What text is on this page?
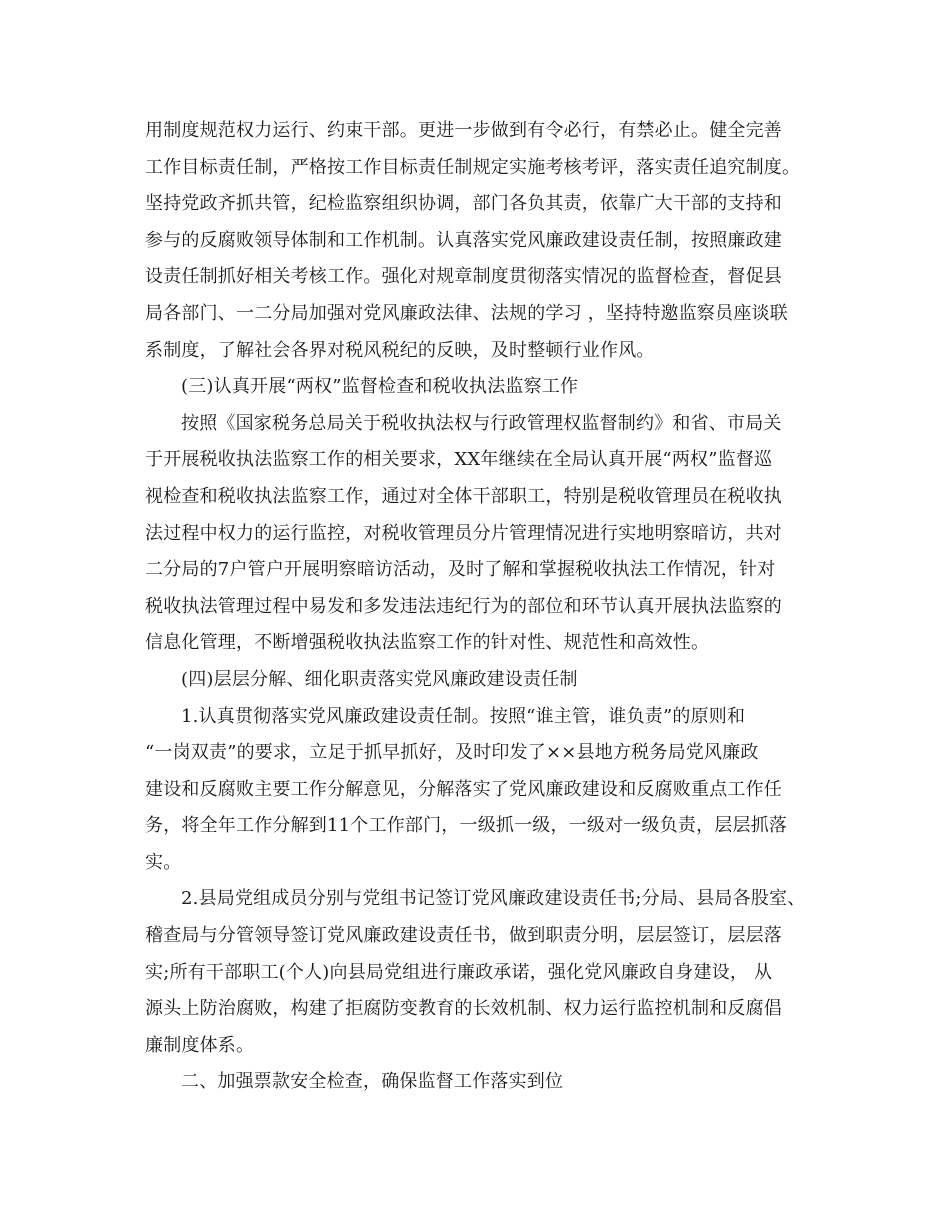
用制度规范权力运行、约束干部。更进一步做到有令必行，有禁必止。健全完善
工作目标责任制，严格按工作目标责任制规定实施考核考评，落实责任追究制度。
坚持党政齐抓共管，纪检监察组织协调，部门各负其责，依靠广大干部的支持和
参与的反腐败领导体制和工作机制。认真落实党风廉政建设责任制，按照廉政建
设责任制抓好相关考核工作。强化对规章制度贯彻落实情况的监督检查，督促县
局各部门、一二分局加强对党风廉政法律、法规的学习 ，坚持特邀监察员座谈联
系制度，了解社会各界对税风税纪的反映，及时整顿行业作风。
(三)认真开展“两权”监督检查和税收执法监察工作
按照《国家税务总局关于税收执法权与行政管理权监督制约》和省、市局关
于开展税收执法监察工作的相关要求，XX年继续在全局认真开展“两权”监督巡
视检查和税收执法监察工作，通过对全体干部职工，特别是税收管理员在税收执
法过程中权力的运行监控，对税收管理员分片管理情况进行实地明察暗访，共对
二分局的7户管户开展明察暗访活动，及时了解和掌握税收执法工作情况，针对
税收执法管理过程中易发和多发违法违纪行为的部位和环节认真开展执法监察的
信息化管理，不断增强税收执法监察工作的针对性、规范性和高效性。
(四)层层分解、细化职责落实党风廉政建设责任制
1.认真贯彻落实党风廉政建设责任制。按照“谁主管，谁负责”的原则和
“一岗双责”的要求，立足于抓早抓好，及时印发了××县地方税务局党风廉政
建设和反腐败主要工作分解意见，分解落实了党风廉政建设和反腐败重点工作任
务，将全年工作分解到11个工作部门，一级抓一级，一级对一级负责，层层抓落
实。
2.县局党组成员分别与党组书记签订党风廉政建设责任书;分局、县局各股室、
稽查局与分管领导签订党风廉政建设责任书，做到职责分明，层层签订，层层落
实;所有干部职工(个人)向县局党组进行廉政承诺，强化党风廉政自身建设， 从
源头上防治腐败，构建了拒腐防变教育的长效机制、权力运行监控机制和反腐倡
廉制度体系。
二、加强票款安全检查，确保监督工作落实到位
